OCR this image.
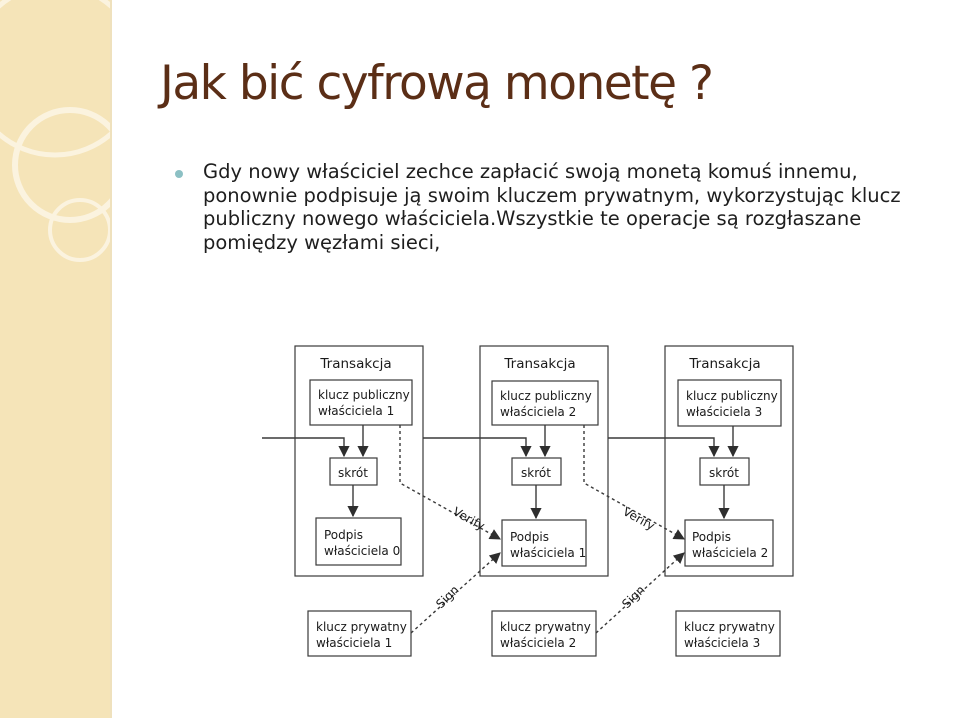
Jak bić cyfrową monetę ?

Gdy nowy właściciel zechce zapłacić swoją monetą komuś innemu, ponownie podpisuje ją swoim kluczem prywatnym, wykorzystując klucz publiczny nowego właściciela.Wszystkie te operacje są rozgłaszane pomiędzy węzłami sieci,

Transakcja
klucz publiczny
właściciela 1
skrót
Podpis
właściciela 0
Transakcja
klucz publiczny
właściciela 2
skrót
Podpis
właściciela 1
Transakcja
klucz publiczny
właściciela 3
skrót
Podpis
właściciela 2
klucz prywatny
właściciela 1
klucz prywatny
właściciela 2
klucz prywatny
właściciela 3
Verify	Verify
Sign	Sign
